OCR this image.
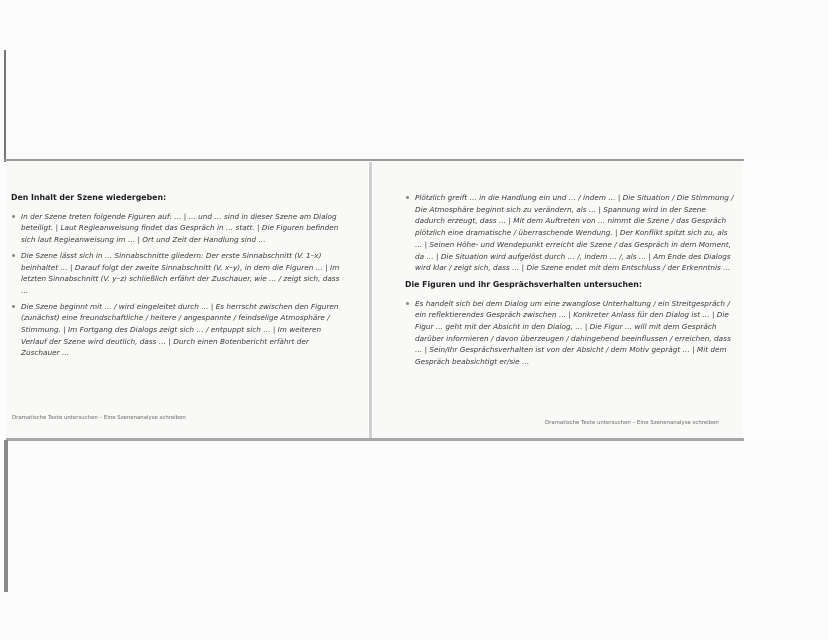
Den Inhalt der Szene wiedergeben:
In der Szene treten folgende Figuren auf: … | … und … sind in dieser Szene am Dialog beteiligt. | Laut Regieanweisung findet das Gespräch in … statt. | Die Figuren befinden sich laut Regieanweisung im … | Ort und Zeit der Handlung sind …
Die Szene lässt sich in … Sinnabschnitte gliedern: Der erste Sinnabschnitt (V. 1–x) beinhaltet … | Darauf folgt der zweite Sinnabschnitt (V. x–y), in dem die Figuren … | Im letzten Sinnabschnitt (V. y–z) schließlich erfährt der Zuschauer, wie … / zeigt sich, dass …
Die Szene beginnt mit … / wird eingeleitet durch … | Es herrscht zwischen den Figuren (zunächst) eine freundschaftliche / heitere / angespannte / feindselige Atmosphäre / Stimmung. | Im Fortgang des Dialogs zeigt sich … / entpuppt sich … | Im weiteren Verlauf der Szene wird deutlich, dass … | Durch einen Botenbericht erfährt der Zuschauer …
Dramatische Texte untersuchen – Eine Szenenanalyse schreiben
Plötzlich greift … in die Handlung ein und … / indem … | Die Situation / Die Stimmung / Die Atmosphäre beginnt sich zu verändern, als … | Spannung wird in der Szene dadurch erzeugt, dass … | Mit dem Auftreten von … nimmt die Szene / das Gespräch plötzlich eine dramatische / überraschende Wendung. | Der Konflikt spitzt sich zu, als … | Seinen Höhe- und Wendepunkt erreicht die Szene / das Gespräch in dem Moment, da … | Die Situation wird aufgelöst durch … /, indem … /, als … | Am Ende des Dialogs wird klar / zeigt sich, dass … | Die Szene endet mit dem Entschluss / der Erkenntnis …
Die Figuren und ihr Gesprächsverhalten untersuchen:
Es handelt sich bei dem Dialog um eine zwanglose Unterhaltung / ein Streitgespräch / ein reflektierendes Gespräch zwischen … | Konkreter Anlass für den Dialog ist … | Die Figur … geht mit der Absicht in den Dialog, … | Die Figur … will mit dem Gespräch darüber informieren / davon überzeugen / dahingehend beeinflussen / erreichen, dass … | Sein/Ihr Gesprächsverhalten ist von der Absicht / dem Motiv geprägt … | Mit dem Gespräch beabsichtigt er/sie …
Dramatische Texte untersuchen – Eine Szenenanalyse schreiben
